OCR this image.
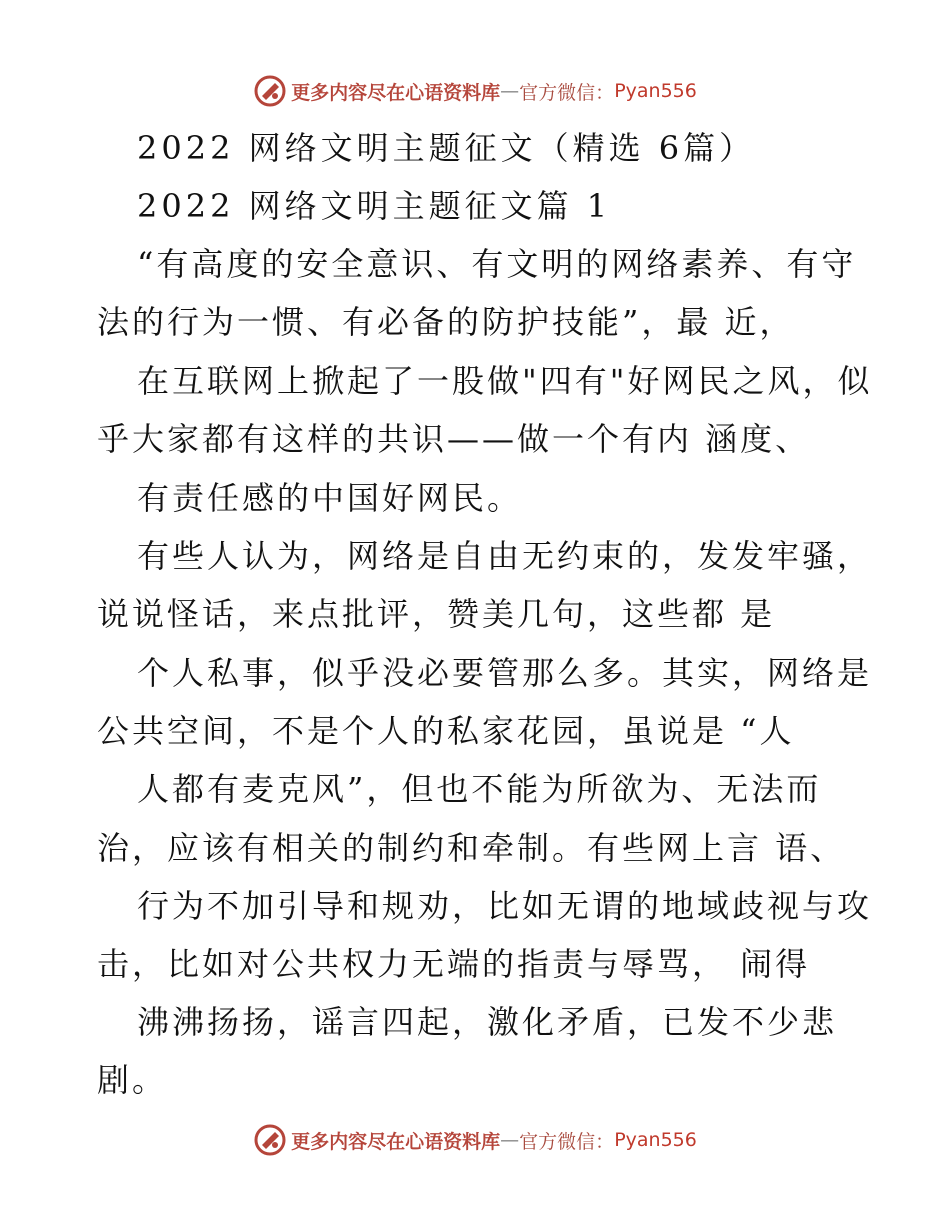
更多内容尽在心语资料库 — 官方微信： Pyan556
2022 网络文明主题征文（精选 6篇）
2022 网络文明主题征文篇 1
“有高度的安全意识、有文明的网络素养、有守
法的行为一惯、有必备的防护技能”，最 近，
在互联网上掀起了一股做"四有"好网民之风，似
乎大家都有这样的共识——做一个有内 涵度、
有责任感的中国好网民。
有些人认为，网络是自由无约束的，发发牢骚，
说说怪话，来点批评，赞美几句，这些都 是
个人私事，似乎没必要管那么多。其实，网络是
公共空间，不是个人的私家花园，虽说是 “人
人都有麦克风”，但也不能为所欲为、无法而
治，应该有相关的制约和牵制。有些网上言 语、
行为不加引导和规劝，比如无谓的地域歧视与攻
击，比如对公共权力无端的指责与辱骂， 闹得
沸沸扬扬，谣言四起，激化矛盾，已发不少悲
剧。
更多内容尽在心语资料库 — 官方微信： Pyan556
